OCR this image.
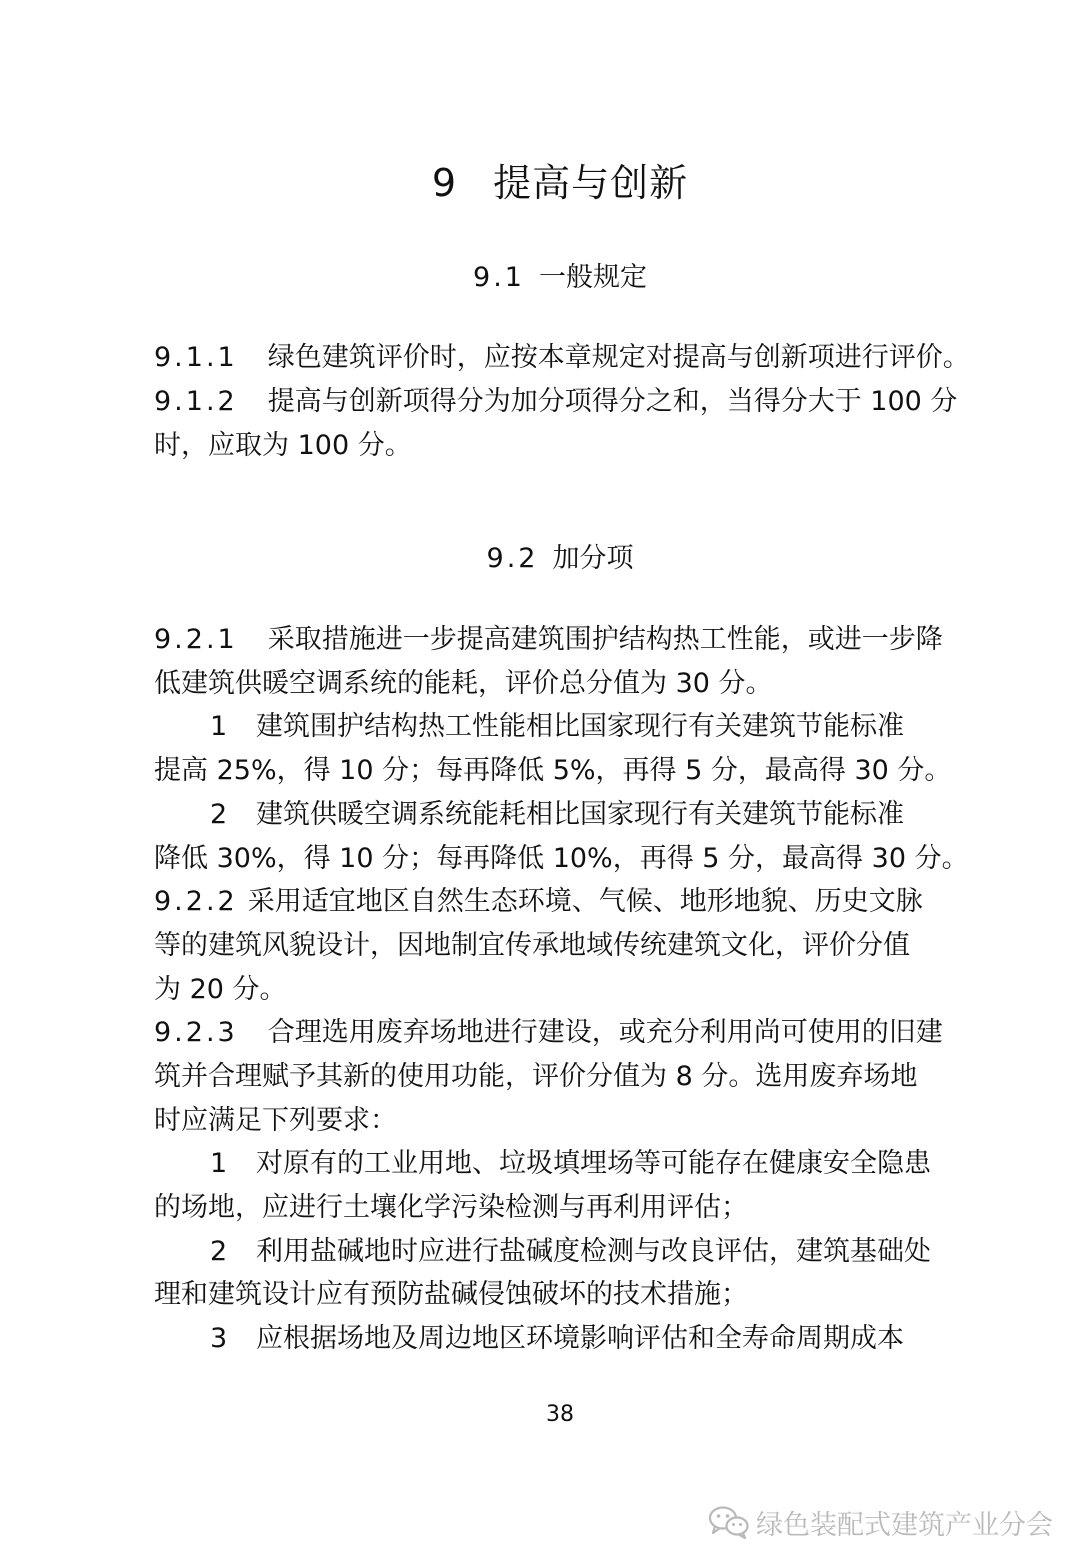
9 提高与创新
9.1 一般规定
9.1.1 绿色建筑评价时，应按本章规定对提高与创新项进行评价。
9.1.2 提高与创新项得分为加分项得分之和，当得分大于 100 分
时，应取为 100 分。
9.2 加分项
9.2.1 采取措施进一步提高建筑围护结构热工性能，或进一步降
低建筑供暖空调系统的能耗，评价总分值为 30 分。
1 建筑围护结构热工性能相比国家现行有关建筑节能标准
提高 25%，得 10 分；每再降低 5%，再得 5 分，最高得 30 分。
2 建筑供暖空调系统能耗相比国家现行有关建筑节能标准
降低 30%，得 10 分；每再降低 10%，再得 5 分，最高得 30 分。
9.2.2 采用适宜地区自然生态环境、气候、地形地貌、历史文脉
等的建筑风貌设计，因地制宜传承地域传统建筑文化，评价分值
为 20 分。
9.2.3 合理选用废弃场地进行建设，或充分利用尚可使用的旧建
筑并合理赋予其新的使用功能，评价分值为 8 分。选用废弃场地
时应满足下列要求：
1 对原有的工业用地、垃圾填埋场等可能存在健康安全隐患
的场地，应进行土壤化学污染检测与再利用评估；
2 利用盐碱地时应进行盐碱度检测与改良评估，建筑基础处
理和建筑设计应有预防盐碱侵蚀破坏的技术措施；
3 应根据场地及周边地区环境影响评估和全寿命周期成本
38
绿色装配式建筑产业分会
